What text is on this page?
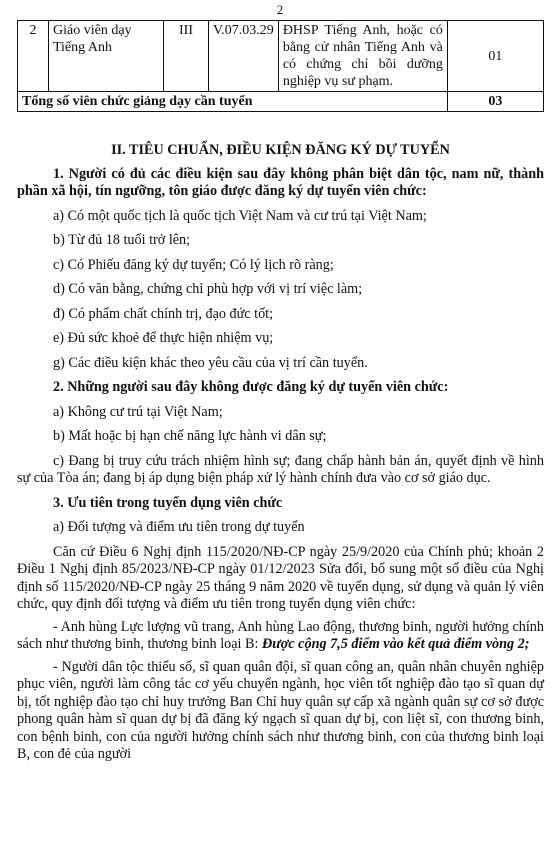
2
2	Giáo viên dạy Tiếng Anh	III	V.07.03.29	ĐHSP Tiếng Anh, hoặc có bằng cử nhân Tiếng Anh và có chứng chỉ bồi dưỡng nghiệp vụ sư phạm.	01
Tổng số viên chức giảng dạy cần tuyển					03

II. TIÊU CHUẨN, ĐIỀU KIỆN ĐĂNG KÝ DỰ TUYỂN

1. Người có đủ các điều kiện sau đây không phân biệt dân tộc, nam nữ, thành phần xã hội, tín ngưỡng, tôn giáo được đăng ký dự tuyển viên chức:

a) Có một quốc tịch là quốc tịch Việt Nam và cư trú tại Việt Nam;

b) Từ đủ 18 tuổi trở lên;

c) Có Phiếu đăng ký dự tuyển; Có lý lịch rõ ràng;

d) Có văn bằng, chứng chỉ phù hợp với vị trí việc làm;

đ) Có phẩm chất chính trị, đạo đức tốt;

e) Đủ sức khoẻ để thực hiện nhiệm vụ;

g) Các điều kiện khác theo yêu cầu của vị trí cần tuyển.

2. Những người sau đây không được đăng ký dự tuyển viên chức:

a) Không cư trú tại Việt Nam;

b) Mất hoặc bị hạn chế năng lực hành vi dân sự;

c) Đang bị truy cứu trách nhiệm hình sự; đang chấp hành bản án, quyết định về hình sự của Tòa án; đang bị áp dụng biện pháp xử lý hành chính đưa vào cơ sở giáo dục.

3. Ưu tiên trong tuyển dụng viên chức

a) Đối tượng và điểm ưu tiên trong dự tuyển

Căn cứ Điều 6 Nghị định 115/2020/NĐ-CP ngày 25/9/2020 của Chính phủ; khoản 2 Điều 1 Nghị định 85/2023/NĐ-CP ngày 01/12/2023 Sửa đổi, bổ sung một số điều của Nghị định số 115/2020/NĐ-CP ngày 25 tháng 9 năm 2020 về tuyển dụng, sử dụng và quản lý viên chức, quy định đối tượng và điểm ưu tiên trong tuyển dụng viên chức:

- Anh hùng Lực lượng vũ trang, Anh hùng Lao động, thương binh, người hưởng chính sách như thương binh, thương binh loại B: Được cộng 7,5 điểm vào kết quả điểm vòng 2;

- Người dân tộc thiểu số, sĩ quan quân đội, sĩ quan công an, quân nhân chuyên nghiệp phục viên, người làm công tác cơ yếu chuyển ngành, học viên tốt nghiệp đào tạo sĩ quan dự bị, tốt nghiệp đào tạo chỉ huy trưởng Ban Chỉ huy quân sự cấp xã ngành quân sự cơ sở được phong quân hàm sĩ quan dự bị đã đăng ký ngạch sĩ quan dự bị, con liệt sĩ, con thương binh, con bệnh binh, con của người hưởng chính sách như thương binh, con của thương binh loại B, con đẻ của người
